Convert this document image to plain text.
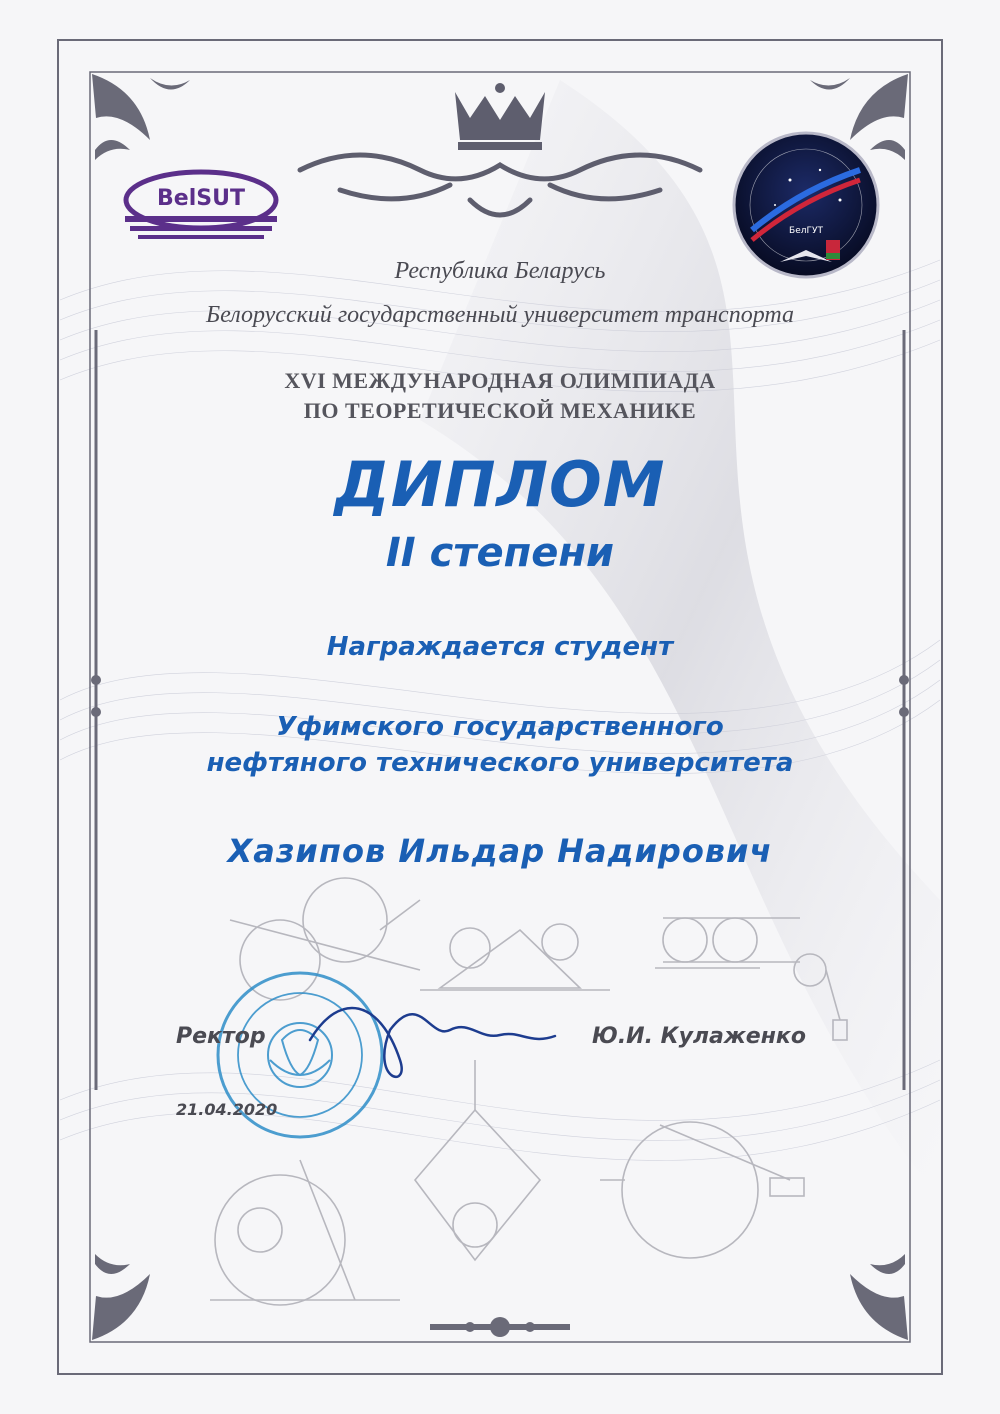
BelSUT
БелГУТ
Республика Беларусь
Белорусский государственный университет транспорта
XVI МЕЖДУНАРОДНАЯ ОЛИМПИАДА
ПО ТЕОРЕТИЧЕСКОЙ МЕХАНИКЕ
ДИПЛОМ
II степени
Награждается студент
Уфимского государственного
нефтяного технического университета
Хазипов Ильдар Надирович
Ректор	Ю.И. Кулаженко
21.04.2020
